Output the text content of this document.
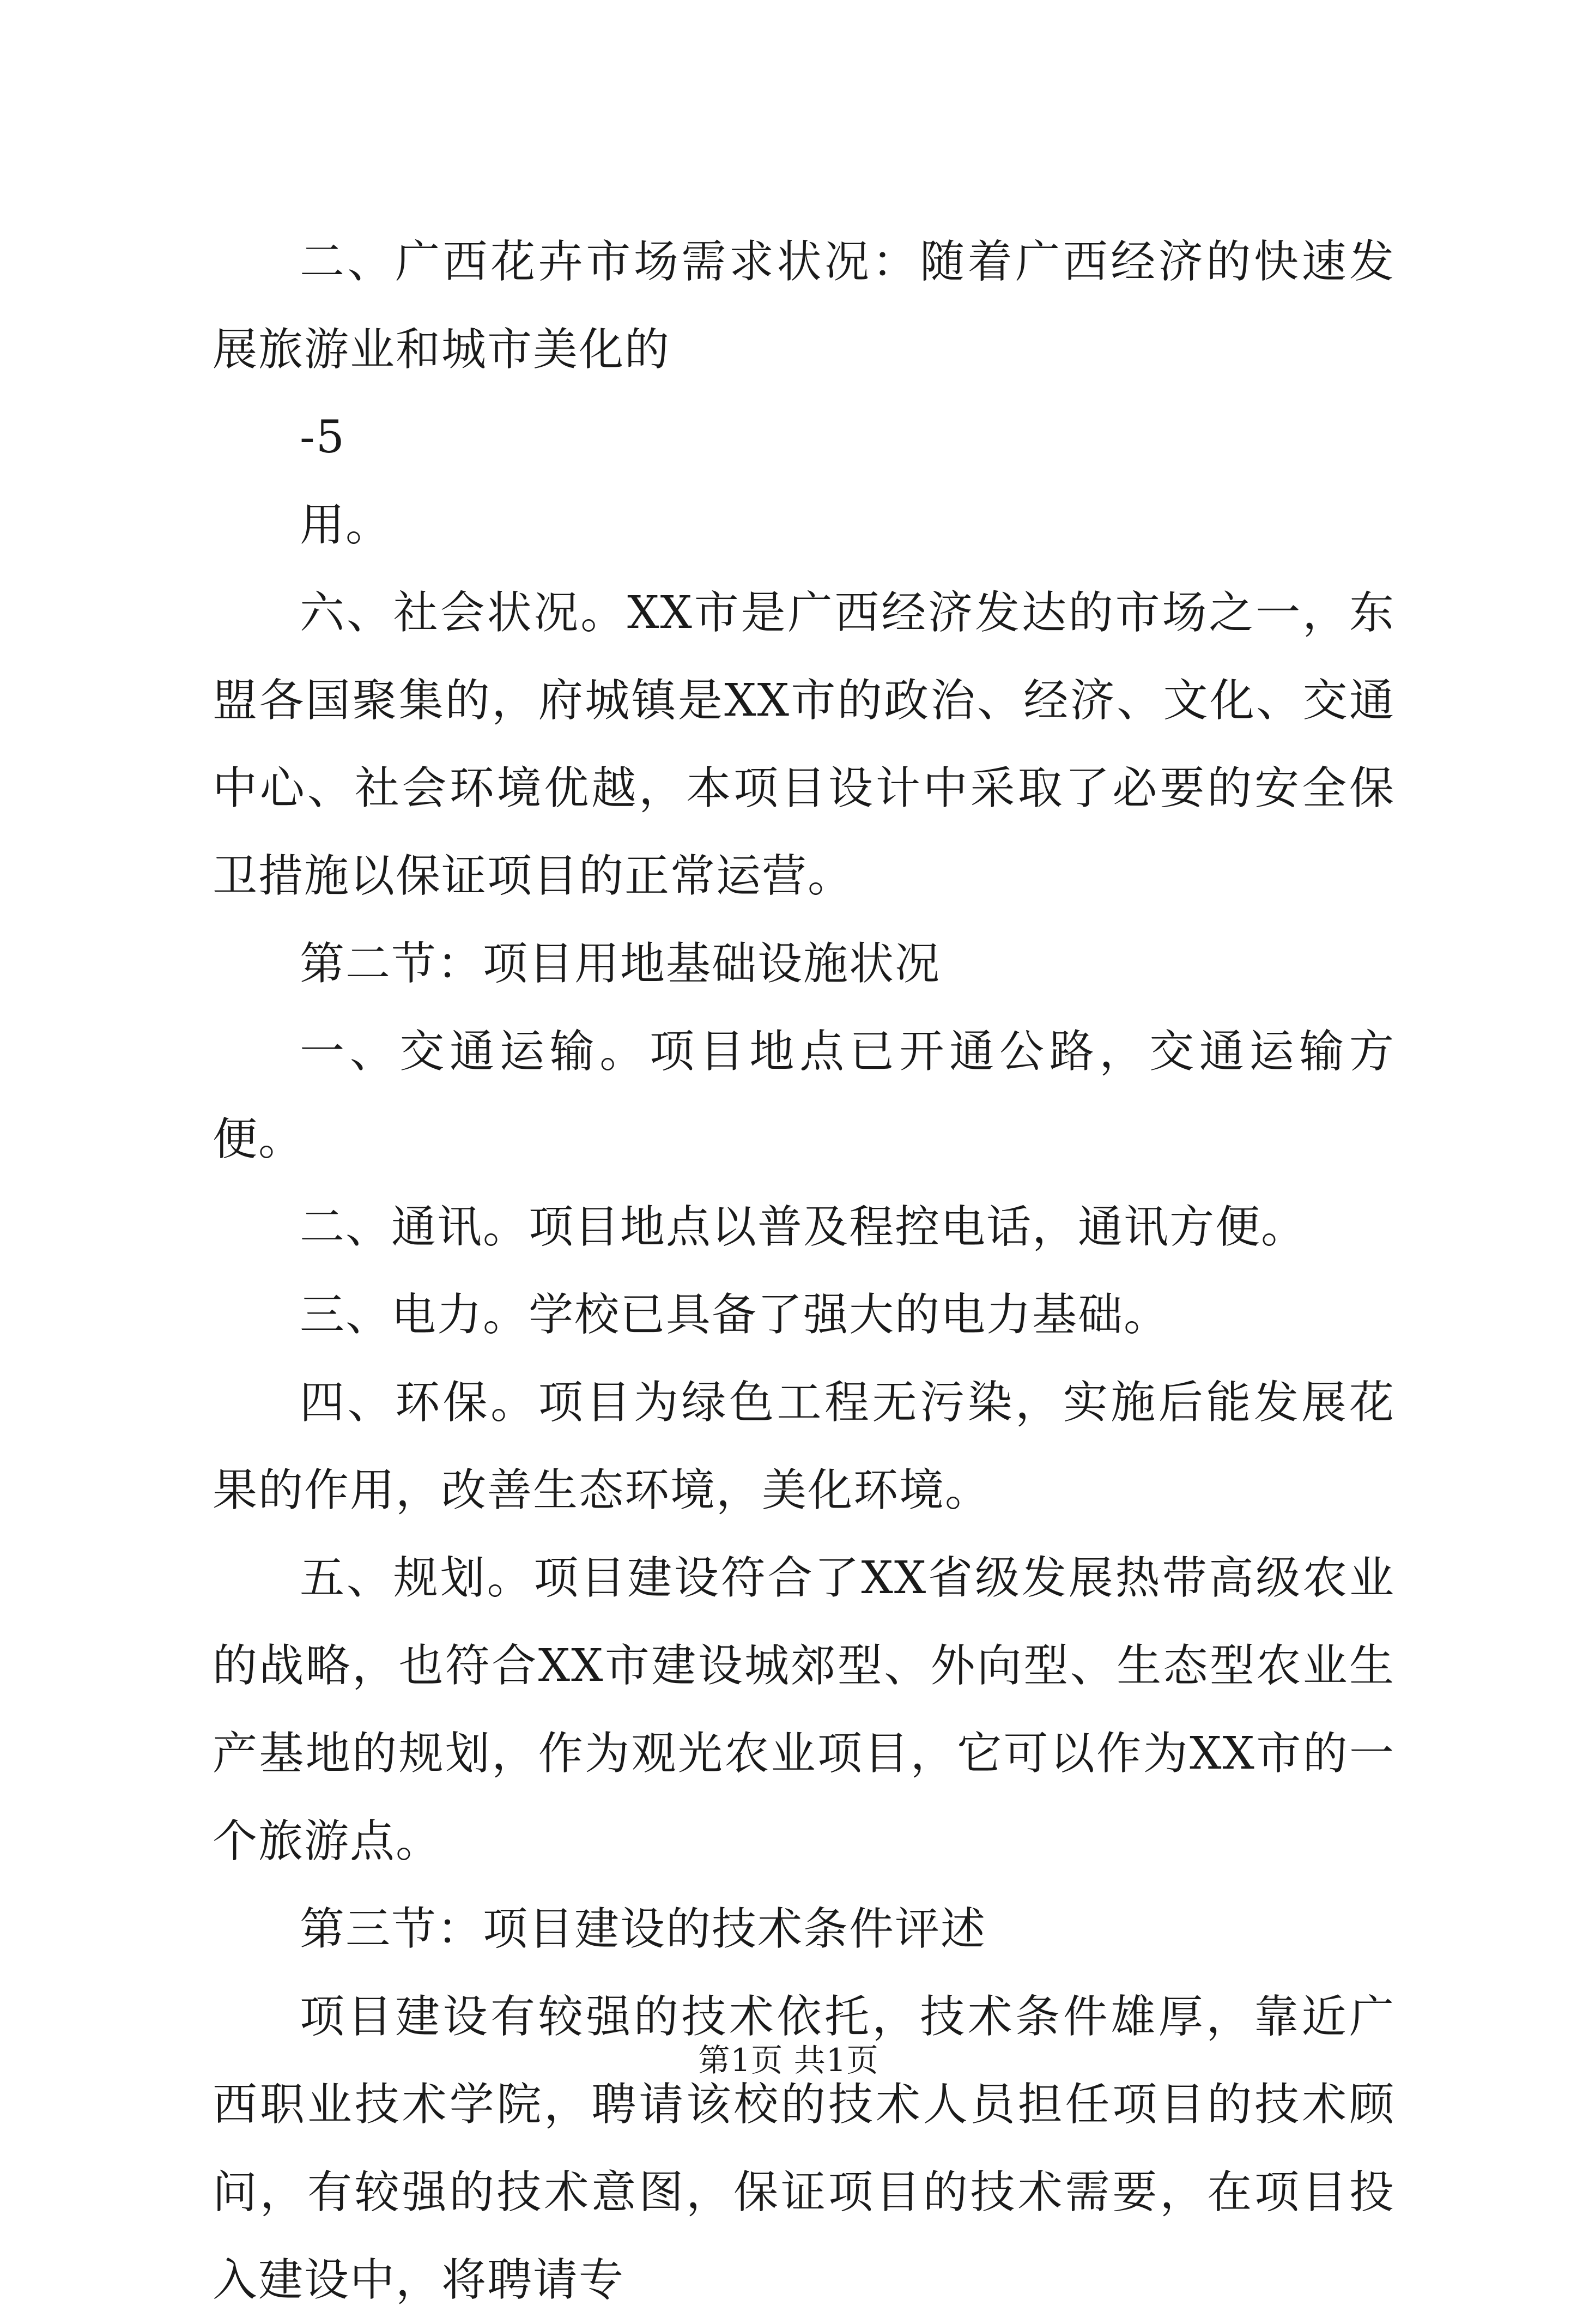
二、广西花卉市场需求状况：随着广西经济的快速发展旅游业和城市美化的

-5

用。

六、社会状况。XX市是广西经济发达的市场之一，东盟各国聚集的，府城镇是XX市的政治、经济、文化、交通中心、社会环境优越，本项目设计中采取了必要的安全保卫措施以保证项目的正常运营。

第二节：项目用地基础设施状况

一、交通运输。项目地点已开通公路，交通运输方便。

二、通讯。项目地点以普及程控电话，通讯方便。

三、电力。学校已具备了强大的电力基础。

四、环保。项目为绿色工程无污染，实施后能发展花果的作用，改善生态环境，美化环境。

五、规划。项目建设符合了XX省级发展热带高级农业的战略，也符合XX市建设城郊型、外向型、生态型农业生产基地的规划，作为观光农业项目，它可以作为XX市的一个旅游点。

第三节：项目建设的技术条件评述

项目建设有较强的技术依托，技术条件雄厚，靠近广西职业技术学院，聘请该校的技术人员担任项目的技术顾问，有较强的技术意图，保证项目的技术需要，在项目投入建设中，将聘请专

第1页 共1页
